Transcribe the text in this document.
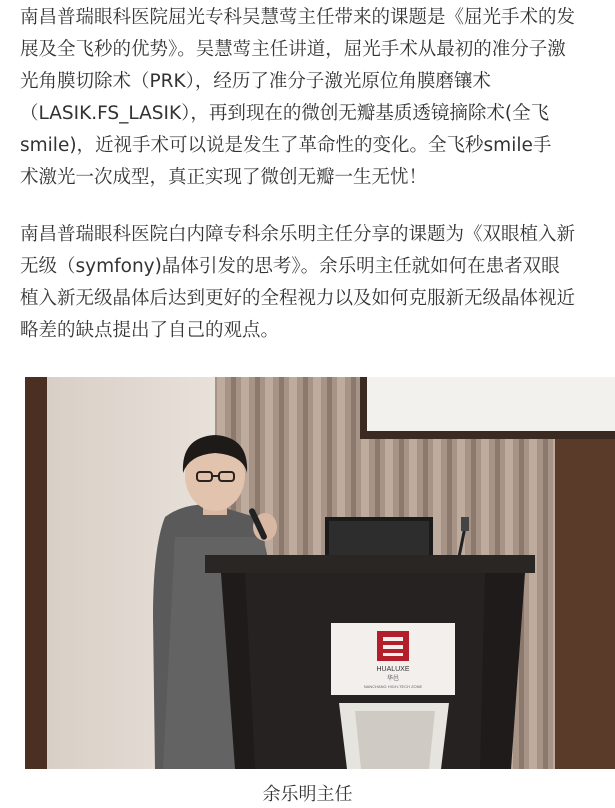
南昌普瑞眼科医院屈光专科吴慧莺主任带来的课题是《屈光手术的发
展及全飞秒的优势》。吴慧莺主任讲道，屈光手术从最初的准分子激
光角膜切除术（PRK），经历了准分子激光原位角膜磨镶术
（LASIK.FS_LASIK），再到现在的微创无瓣基质透镜摘除术(全飞
smile)，近视手术可以说是发生了革命性的变化。全飞秒smile手
术激光一次成型，真正实现了微创无瓣一生无忧！

南昌普瑞眼科医院白内障专科余乐明主任分享的课题为《双眼植入新
无级（symfony)晶体引发的思考》。余乐明主任就如何在患者双眼
植入新无级晶体后达到更好的全程视力以及如何克服新无级晶体视近
略差的缺点提出了自己的观点。

HUALUXE
华邑
NANCHANG HIGH-TECH ZONE
余乐明主任
